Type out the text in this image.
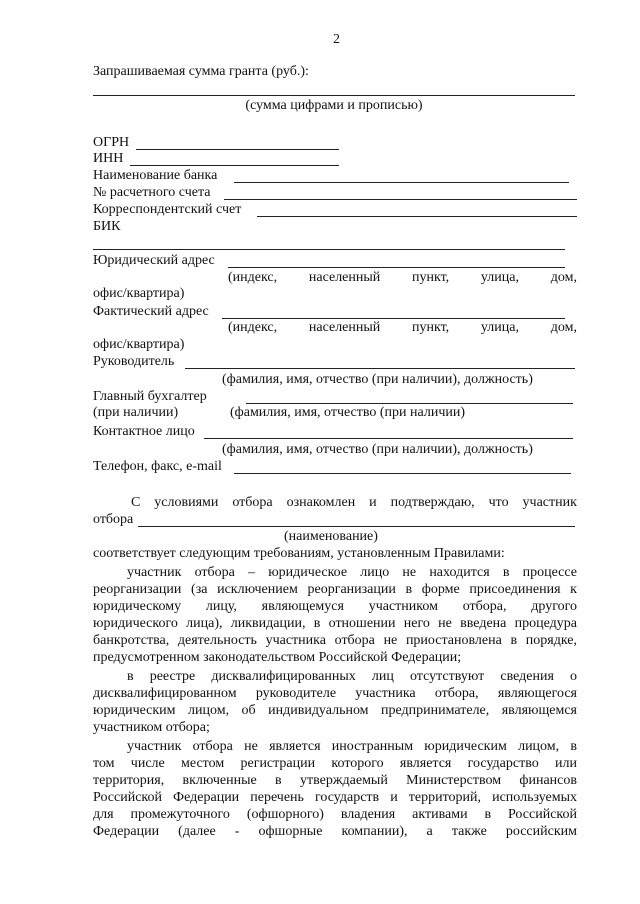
2
Запрашиваемая сумма гранта (руб.):
(сумма цифрами и прописью)
ОГРН
ИНН
Наименование банка
№ расчетного счета
Корреспондентский счет
БИК
Юридический адрес
(индекс, населенный пункт, улица, дом,
офис/квартира)
Фактический адрес
(индекс, населенный пункт, улица, дом,
офис/квартира)
Руководитель
(фамилия, имя, отчество (при наличии), должность)
Главный бухгалтер
(при наличии)	(фамилия, имя, отчество (при наличии)
Контактное лицо
(фамилия, имя, отчество (при наличии), должность)
Телефон, факс, e-mail
С условиями отбора ознакомлен и подтверждаю, что участник
отбора
(наименование)
соответствует следующим требованиям, установленным Правилами:
участник отбора – юридическое лицо не находится в процессе
реорганизации (за исключением реорганизации в форме присоединения к
юридическому лицу, являющемуся участником отбора, другого
юридического лица), ликвидации, в отношении него не введена процедура
банкротства, деятельность участника отбора не приостановлена в порядке,
предусмотренном законодательством Российской Федерации;
в реестре дисквалифицированных лиц отсутствуют сведения о
дисквалифицированном руководителе участника отбора, являющегося
юридическим лицом, об индивидуальном предпринимателе, являющемся
участником отбора;
участник отбора не является иностранным юридическим лицом, в
том числе местом регистрации которого является государство или
территория, включенные в утверждаемый Министерством финансов
Российской Федерации перечень государств и территорий, используемых
для промежуточного (офшорного) владения активами в Российской
Федерации (далее - офшорные компании), а также российским
